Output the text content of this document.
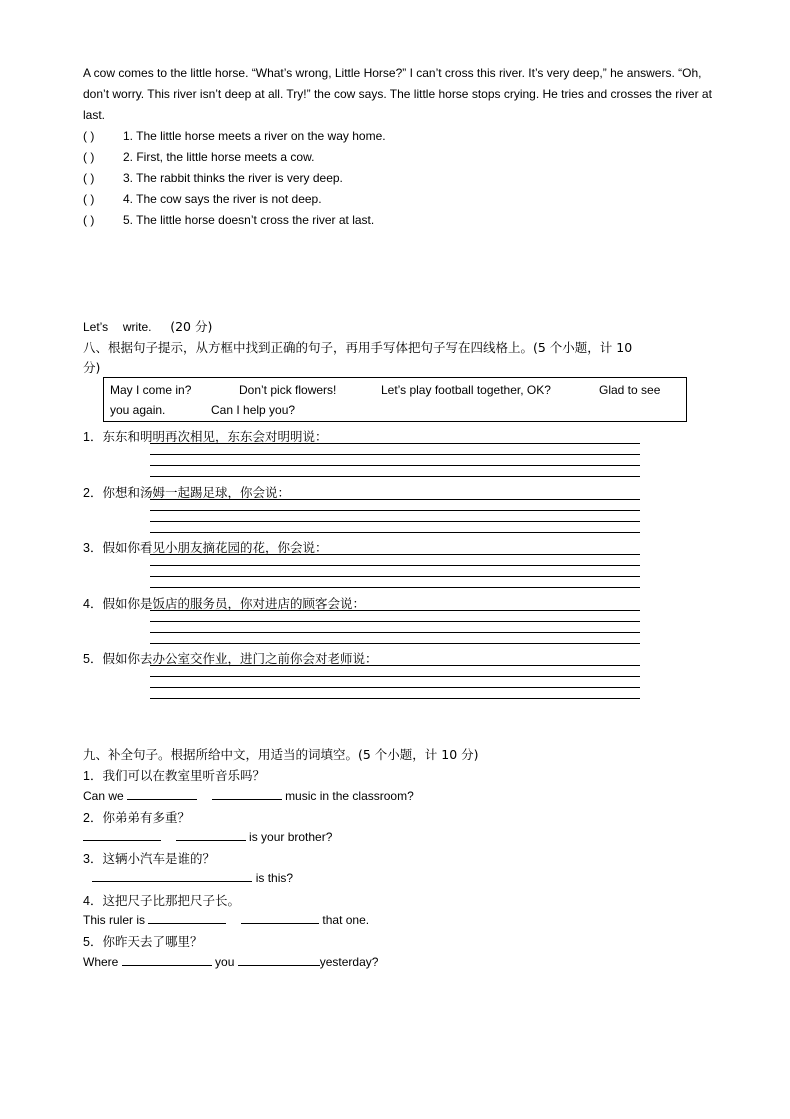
A cow comes to the little horse. “What’s wrong, Little Horse?” I can’t cross this river. It’s very deep,” he answers. “Oh, don’t worry. This river isn’t deep at all. Try!” the cow says. The little horse stops crying. He tries and crosses the river at last.
( ) 1. The little horse meets a river on the way home.
( ) 2. First, the little horse meets a cow.
( ) 3. The rabbit thinks the river is very deep.
( ) 4. The cow says the river is not deep.
( ) 5. The little horse doesn’t cross the river at last.
Let’s write. (20 分)
八、根据句子提示，从方框中找到正确的句子，再用手写体把句子写在四线格上。(5 个小题，计 10
分)
May I come in?	Don’t pick flowers!	Let’s play football together, OK?	Glad to see
you again.	Can I help you?
1．东东和明明再次相见，东东会对明明说：
2．你想和汤姆一起踢足球，你会说：
3．假如你看见小朋友摘花园的花，你会说：
4．假如你是饭店的服务员，你对进店的顾客会说：
5．假如你去办公室交作业，进门之前你会对老师说：
九、补全句子。根据所给中文，用适当的词填空。(5 个小题，计 10 分)
1．我们可以在教室里听音乐吗？
Can we	music in the classroom?
2．你弟弟有多重？
is your brother?
3．这辆小汽车是谁的？
is this?
4．这把尺子比那把尺子长。
This ruler is	that one.
5．你昨天去了哪里？
Where	you	yesterday?
